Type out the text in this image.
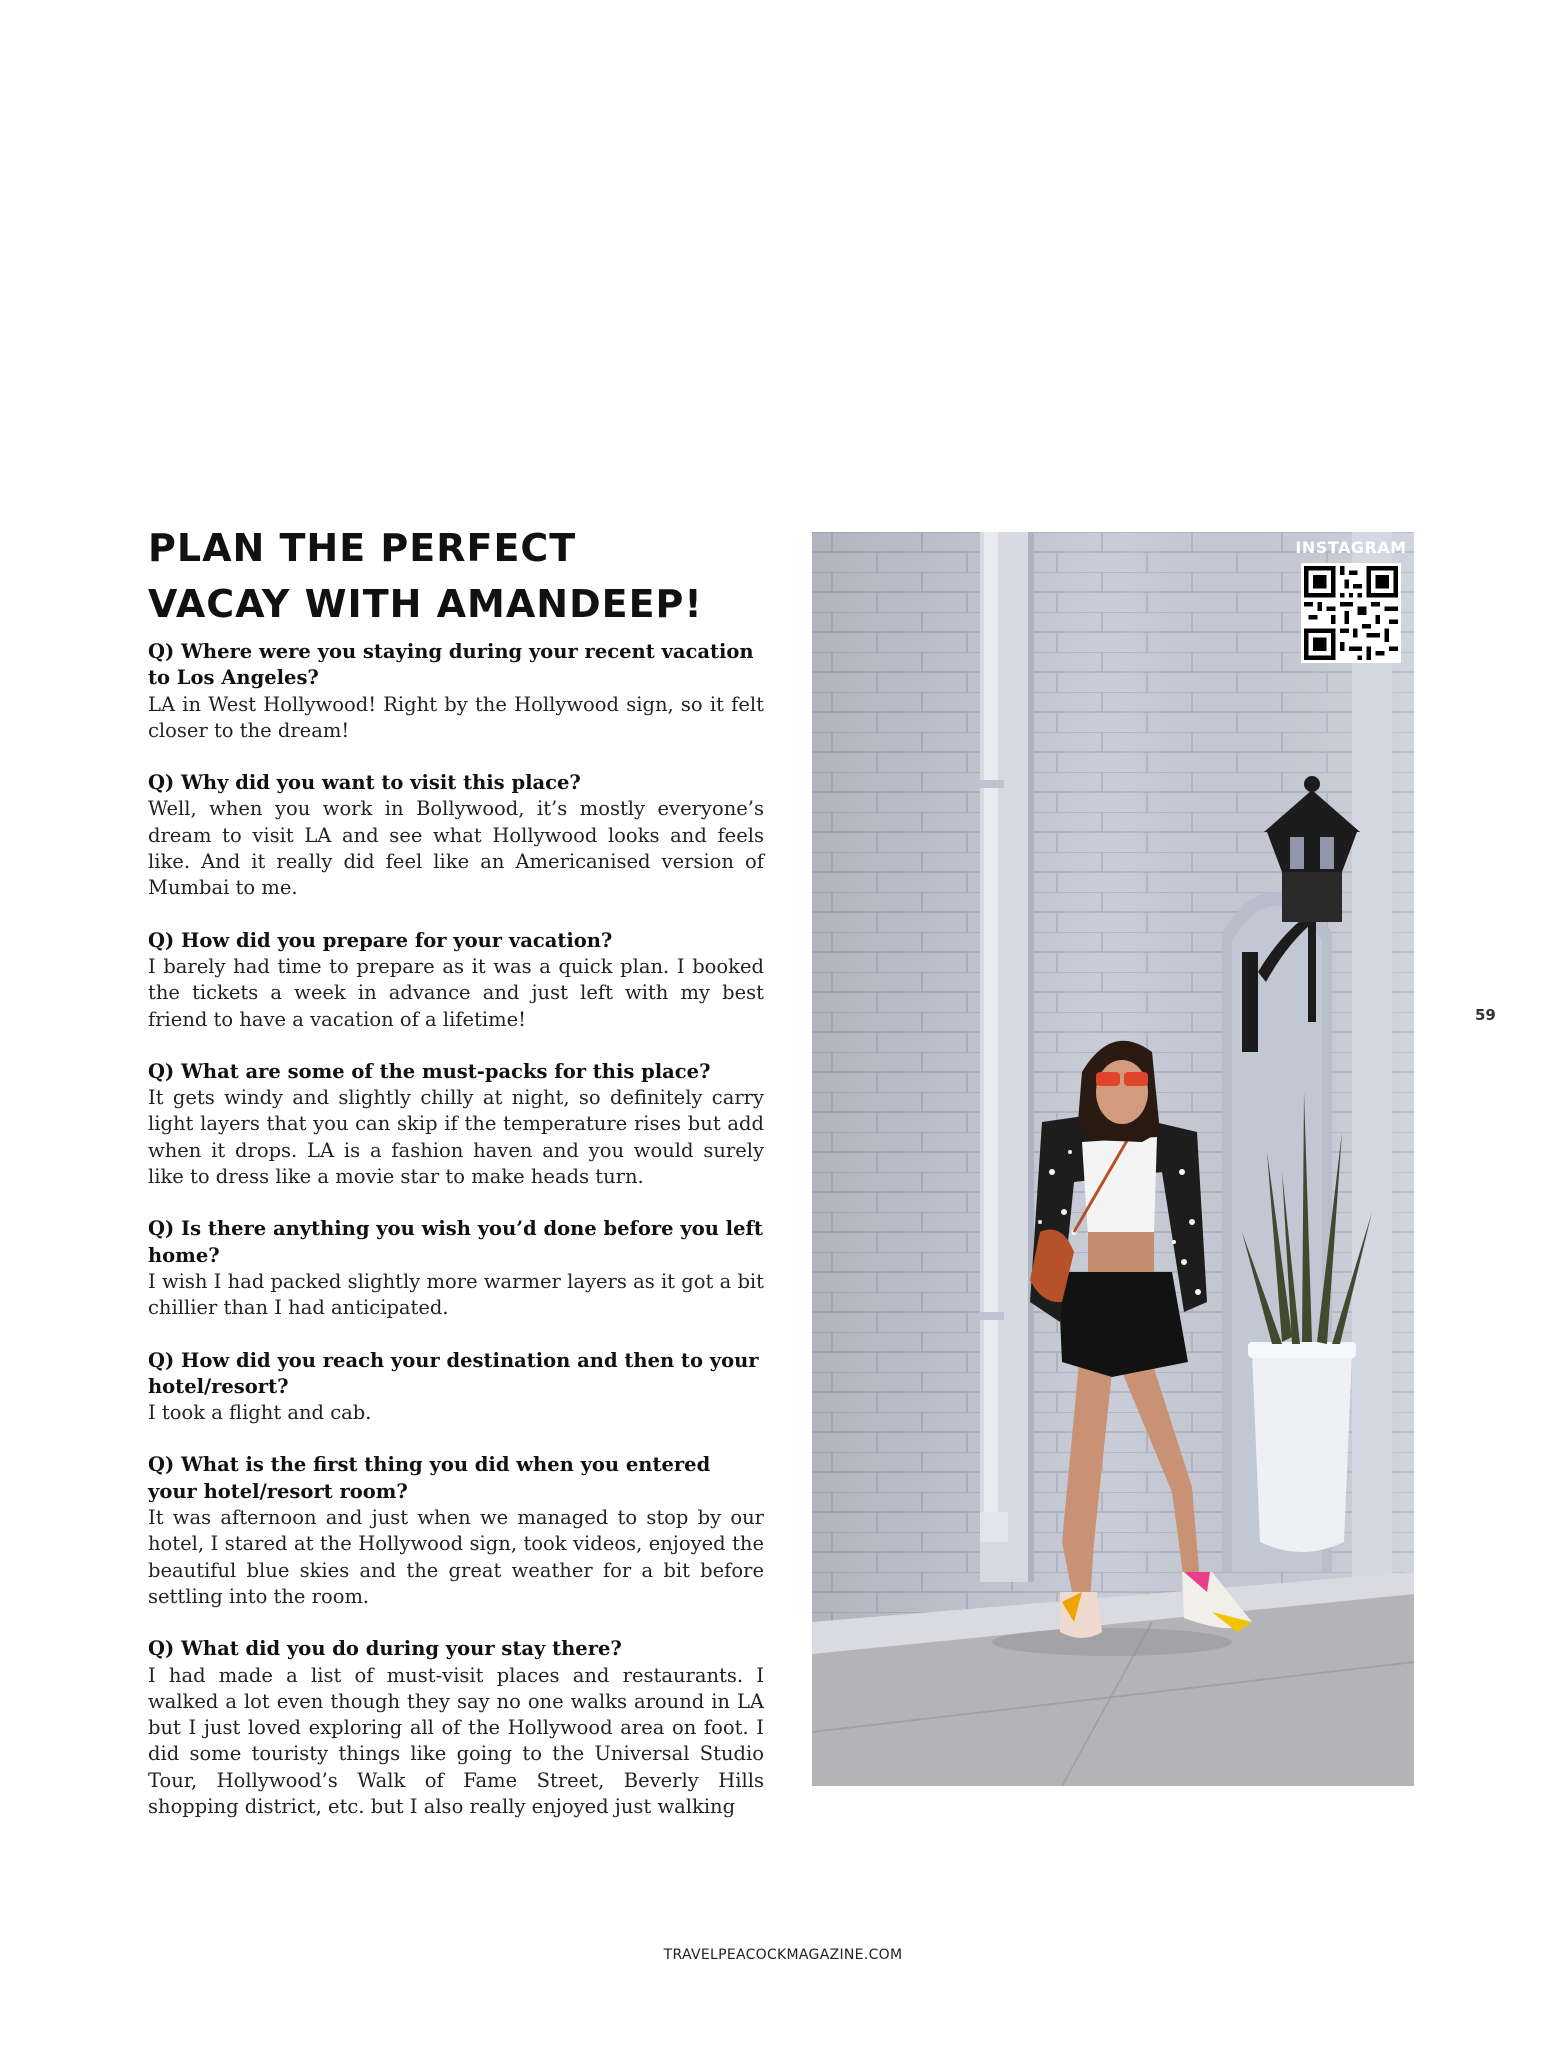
PLAN THE PERFECT VACAY WITH AMANDEEP!

Q) Where were you staying during your recent vacation to Los Angeles?

LA in West Hollywood! Right by the Hollywood sign, so it felt closer to the dream!

Q) Why did you want to visit this place?

Well, when you work in Bollywood, it’s mostly everyone’s dream to visit LA and see what Hollywood looks and feels like. And it really did feel like an Americanised version of Mumbai to me.

Q) How did you prepare for your vacation?

I barely had time to prepare as it was a quick plan. I booked the tickets a week in advance and just left with my best friend to have a vacation of a lifetime!

Q) What are some of the must-packs for this place?

It gets windy and slightly chilly at night, so definitely carry light layers that you can skip if the temperature rises but add when it drops. LA is a fashion haven and you would surely like to dress like a movie star to make heads turn.

Q) Is there anything you wish you’d done before you left home?

I wish I had packed slightly more warmer layers as it got a bit chillier than I had anticipated.

Q) How did you reach your destination and then to your hotel/resort?

I took a flight and cab.

Q) What is the first thing you did when you entered your hotel/resort room?

It was afternoon and just when we managed to stop by our hotel, I stared at the Hollywood sign, took videos, enjoyed the beautiful blue skies and the great weather for a bit before settling into the room.

Q) What did you do during your stay there?

I had made a list of must-visit places and restaurants. I walked a lot even though they say no one walks around in LA but I just loved exploring all of the Hollywood area on foot. I did some touristy things like going to the Universal Studio Tour, Hollywood’s Walk of Fame Street, Beverly Hills shopping district, etc. but I also really enjoyed just walking

INSTAGRAM
59
TRAVELPEACOCKMAGAZINE.COM
